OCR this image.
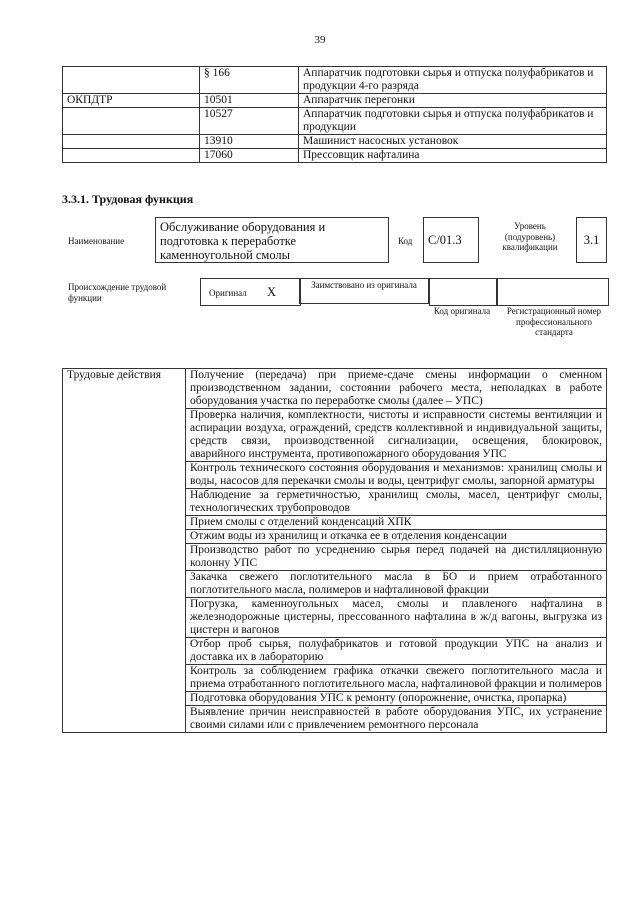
39
	§ 166	Аппаратчик подготовки сырья и отпуска полуфабрикатов и продукции 4-го разряда
ОКПДТР	10501	Аппаратчик перегонки
	10527	Аппаратчик подготовки сырья и отпуска полуфабрикатов и продукции
	13910	Машинист насосных установок
	17060	Прессовщик нафталина
3.3.1. Трудовая функция
Наименование
Обслуживание оборудования и подготовка к переработке каменноугольной смолы
Код	С/01.3
Уровень (подуровень) квалификации	3.1
Происхождение трудовой функции	Оригинал X	Заимствовано из оригинала
Код оригинала	Регистрационный номер профессионального стандарта
Трудовые действия	Получение (передача) при приеме-сдаче смены информации о сменном производственном задании, состоянии рабочего места, неполадках в работе оборудования участка по переработке смолы (далее – УПС)
Проверка наличия, комплектности, чистоты и исправности системы вентиляции и аспирации воздуха, ограждений, средств коллективной и индивидуальной защиты, средств связи, производственной сигнализации, освещения, блокировок, аварийного инструмента, противопожарного оборудования УПС
Контроль технического состояния оборудования и механизмов: хранилищ смолы и воды, насосов для перекачки смолы и воды, центрифуг смолы, запорной арматуры
Наблюдение за герметичностью, хранилищ смолы, масел, центрифуг смолы, технологических трубопроводов
Прием смолы с отделений конденсаций ХПК
Отжим воды из хранилищ и откачка ее в отделения конденсации
Производство работ по усреднению сырья перед подачей на дистилляционную колонну УПС
Закачка свежего поглотительного масла в БО и прием отработанного поглотительного масла, полимеров и нафталиновой фракции
Погрузка, каменноугольных масел, смолы и плавленого нафталина в железнодорожные цистерны, прессованного нафталина в ж/д вагоны, выгрузка из цистерн и вагонов
Отбор проб сырья, полуфабрикатов и готовой продукции УПС на анализ и доставка их в лабораторию
Контроль за соблюдением графика откачки свежего поглотительного масла и приема отработанного поглотительного масла, нафталиновой фракции и полимеров
Подготовка оборудования УПС к ремонту (опорожнение, очистка, пропарка)
Выявление причин неисправностей в работе оборудования УПС, их устранение своими силами или с привлечением ремонтного персонала
